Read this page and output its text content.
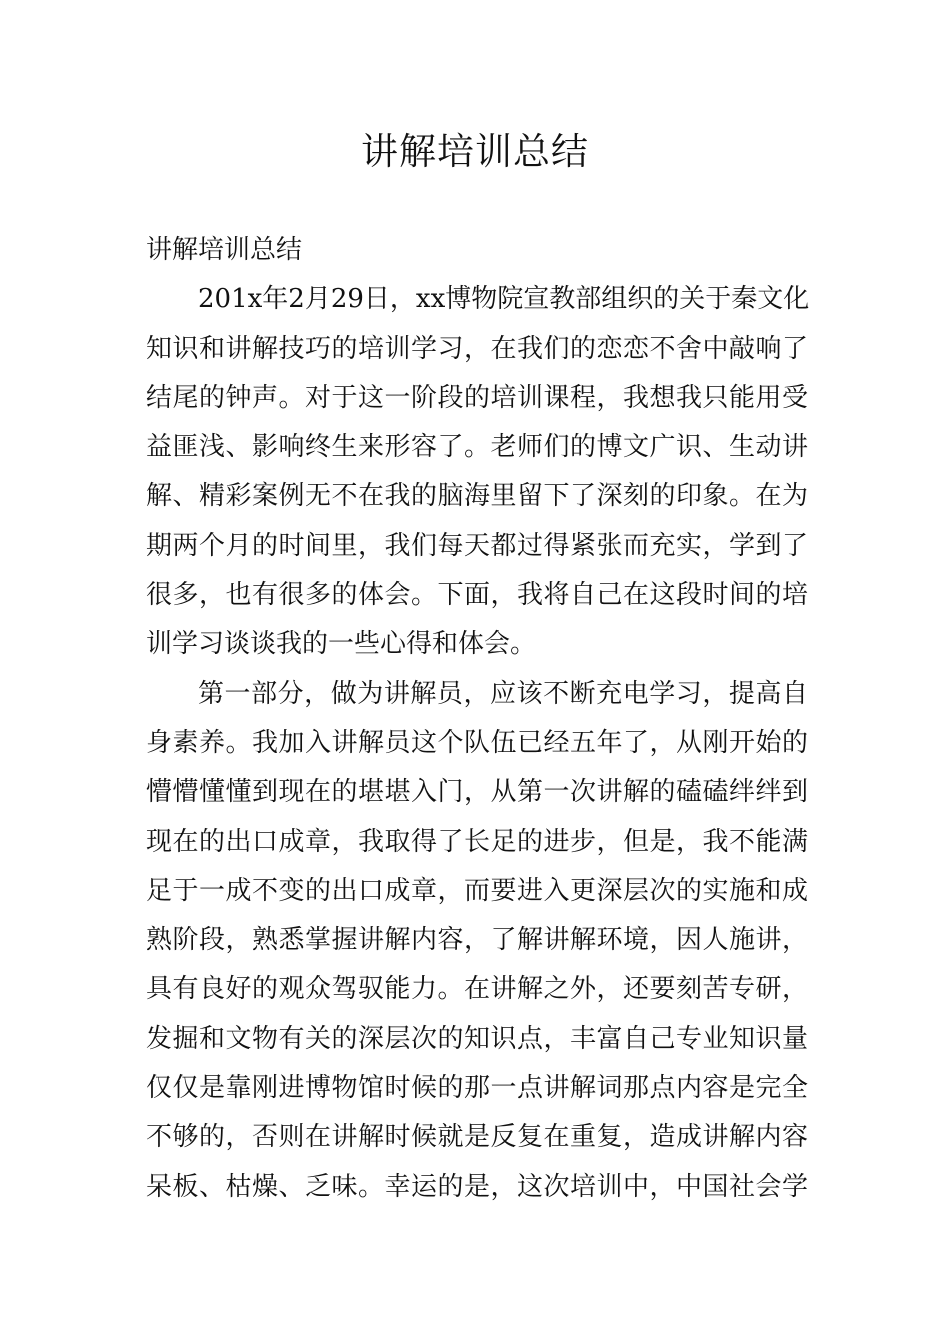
讲解培训总结
讲解培训总结
201x年2月29日，xx博物院宣教部组织的关于秦文化
知识和讲解技巧的培训学习，在我们的恋恋不舍中敲响了
结尾的钟声。对于这一阶段的培训课程，我想我只能用受
益匪浅、影响终生来形容了。老师们的博文广识、生动讲
解、精彩案例无不在我的脑海里留下了深刻的印象。在为
期两个月的时间里，我们每天都过得紧张而充实，学到了
很多，也有很多的体会。下面，我将自己在这段时间的培
训学习谈谈我的一些心得和体会。
第一部分，做为讲解员，应该不断充电学习，提高自
身素养。我加入讲解员这个队伍已经五年了，从刚开始的
懵懵懂懂到现在的堪堪入门，从第一次讲解的磕磕绊绊到
现在的出口成章，我取得了长足的进步，但是，我不能满
足于一成不变的出口成章，而要进入更深层次的实施和成
熟阶段，熟悉掌握讲解内容，了解讲解环境，因人施讲，
具有良好的观众驾驭能力。在讲解之外，还要刻苦专研，
发掘和文物有关的深层次的知识点，丰富自己专业知识量
仅仅是靠刚进博物馆时候的那一点讲解词那点内容是完全
不够的，否则在讲解时候就是反复在重复，造成讲解内容
呆板、枯燥、乏味。幸运的是，这次培训中，中国社会学
